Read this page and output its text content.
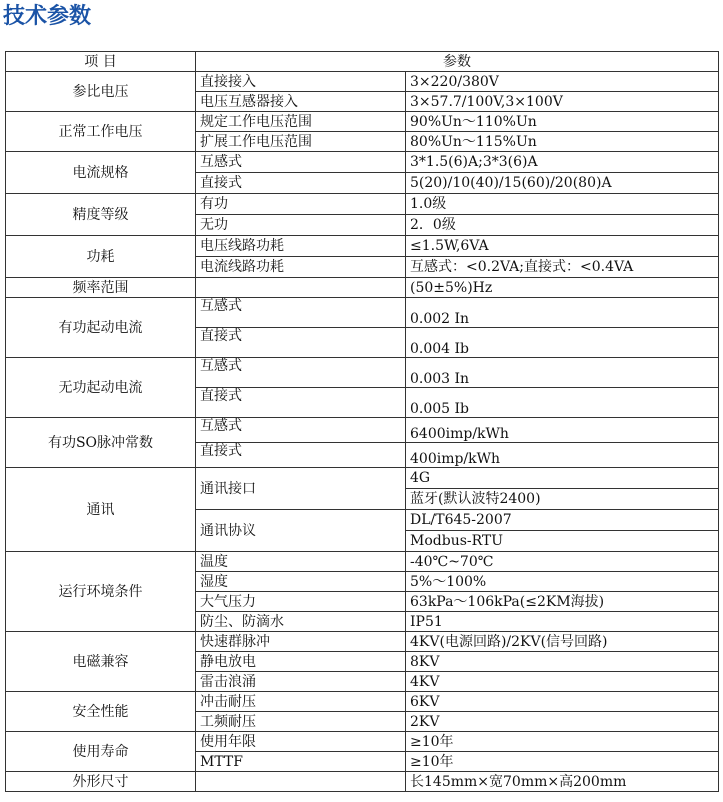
技术参数
项 目	参数	
参比电压	直接接入	3×220/380V
	电压互感器接入	3×57.7/100V,3×100V
正常工作电压	规定工作电压范围	90%Un～110%Un
	扩展工作电压范围	80%Un～115%Un
电流规格	互感式	3*1.5(6)A;3*3(6)A
	直接式	5(20)/10(40)/15(60)/20(80)A
精度等级	有功	1.0级
	无功	2．0级
功耗	电压线路功耗	≤1.5W,6VA
	电流线路功耗	互感式：<0.2VA;直接式：<0.4VA
频率范围		(50±5%)Hz
有功起动电流	互感式	0.002 In
	直接式	0.004 Ib
无功起动电流	互感式	0.003 In
	直接式	0.005 Ib
有功SO脉冲常数	互感式	6400imp/kWh
	直接式	400imp/kWh
通讯	通讯接口	4G
		蓝牙(默认波特2400)
	通讯协议	DL/T645-2007
		Modbus-RTU
运行环境条件	温度	-40℃~70℃
	湿度	5%～100%
	大气压力	63kPa～106kPa(≤2KM海拔)
	防尘、防滴水	IP51
电磁兼容	快速群脉冲	4KV(电源回路)/2KV(信号回路)
	静电放电	8KV
	雷击浪涌	4KV
安全性能	冲击耐压	6KV
	工频耐压	2KV
使用寿命	使用年限	≥10年
	MTTF	≥10年
外形尺寸		长145mm×宽70mm×高200mm
